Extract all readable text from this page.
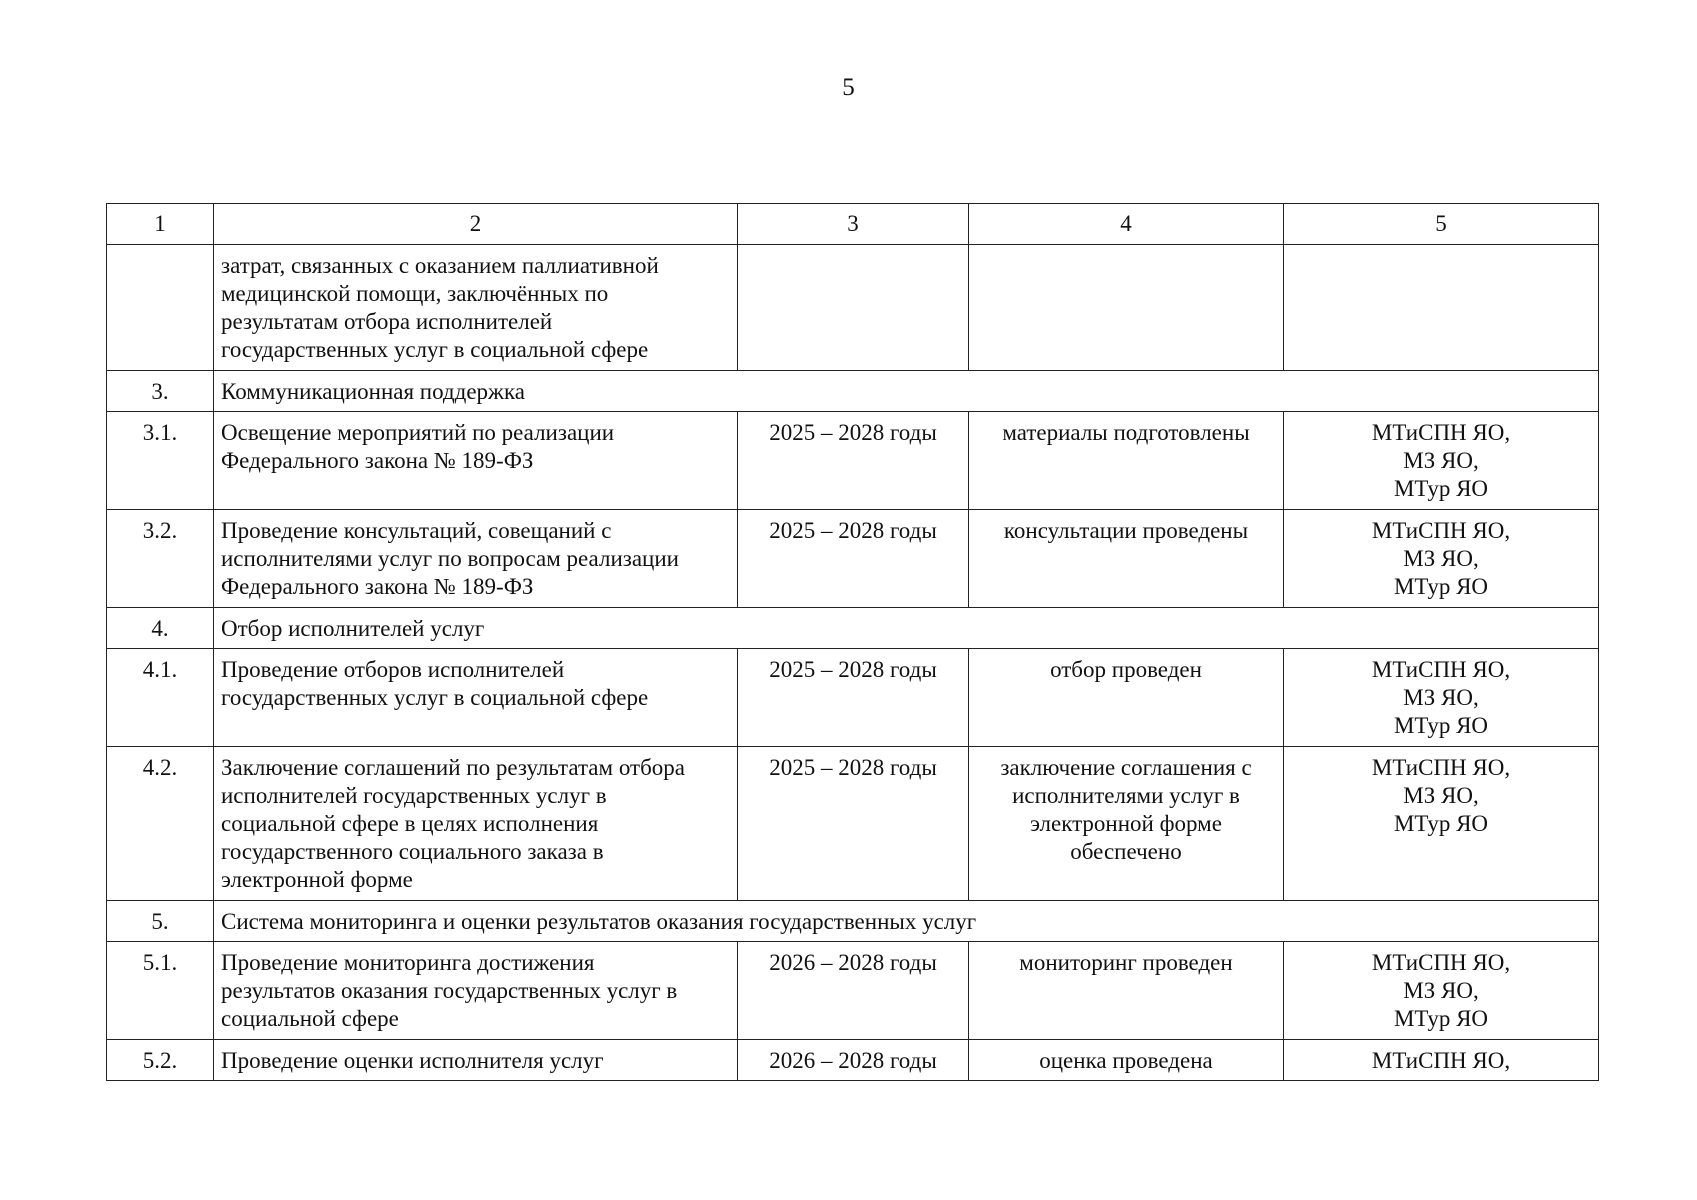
5
1	2	3	4	5
	затрат, связанных с оказанием паллиативной
медицинской помощи, заключённых по
результатам отбора исполнителей
государственных услуг в социальной сфере			
3.	Коммуникационная поддержка			
3.1.	Освещение мероприятий по реализации
Федерального закона № 189-ФЗ	2025 – 2028 годы	материалы подготовлены	МТиСПН ЯО,
МЗ ЯО,
МТур ЯО
3.2.	Проведение консультаций, совещаний с
исполнителями услуг по вопросам реализации
Федерального закона № 189-ФЗ	2025 – 2028 годы	консультации проведены	МТиСПН ЯО,
МЗ ЯО,
МТур ЯО
4.	Отбор исполнителей услуг			
4.1.	Проведение отборов исполнителей
государственных услуг в социальной сфере	2025 – 2028 годы	отбор проведен	МТиСПН ЯО,
МЗ ЯО,
МТур ЯО
4.2.	Заключение соглашений по результатам отбора
исполнителей государственных услуг в
социальной сфере в целях исполнения
государственного социального заказа в
электронной форме	2025 – 2028 годы	заключение соглашения с
исполнителями услуг в
электронной форме
обеспечено	МТиСПН ЯО,
МЗ ЯО,
МТур ЯО
5.	Система мониторинга и оценки результатов оказания государственных услуг			
5.1.	Проведение мониторинга достижения
результатов оказания государственных услуг в
социальной сфере	2026 – 2028 годы	мониторинг проведен	МТиСПН ЯО,
МЗ ЯО,
МТур ЯО
5.2.	Проведение оценки исполнителя услуг	2026 – 2028 годы	оценка проведена	МТиСПН ЯО,
